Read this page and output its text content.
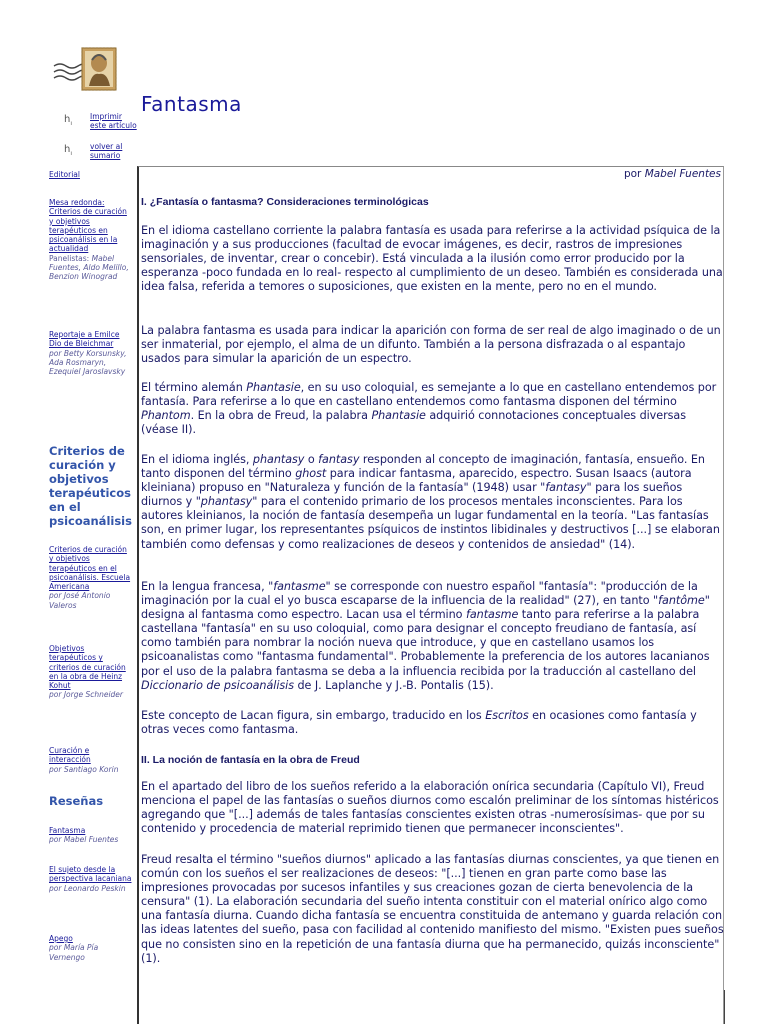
Fantasma
$h_ı$
Imprimir este artículo
$h_ı$
volver al sumario
Editorial
Mesa redonda: Criterios de curación y objetivos terapéuticos en psicoanálisis en la actualidad
Panelistas: Mabel Fuentes, Aldo Melillo, Benzion Winograd
Reportaje a Emilce Dio de Bleichmar
por Betty Korsunsky, Ada Rosmaryn, Ezequiel Jaroslavsky
Criterios de curación y objetivos terapéuticos en el psicoanálisis
Criterios de curación y objetivos terapéuticos en el psicoanálisis. Escuela Americana
por José Antonio Valeros
Objetivos terapéuticos y criterios de curación en la obra de Heinz Kohut
por Jorge Schneider
Curación e interacción
por Santiago Korin
Reseñas
Fantasma
por Mabel Fuentes
El sujeto desde la perspectiva lacaniana
por Leonardo Peskin
Apego
por María Pía Vernengo
por Mabel Fuentes
I. ¿Fantasía o fantasma? Consideraciones terminológicas

En el idioma castellano corriente la palabra fantasía es usada para referirse a la actividad psíquica de la imaginación y a sus producciones (facultad de evocar imágenes, es decir, rastros de impresiones sensoriales, de inventar, crear o concebir). Está vinculada a la ilusión como error producido por la esperanza -poco fundada en lo real- respecto al cumplimiento de un deseo. También es considerada una idea falsa, referida a temores o suposiciones, que existen en la mente, pero no en el mundo.

La palabra fantasma es usada para indicar la aparición con forma de ser real de algo imaginado o de un ser inmaterial, por ejemplo, el alma de un difunto. También a la persona disfrazada o al espantajo usados para simular la aparición de un espectro.

El término alemán Phantasie, en su uso coloquial, es semejante a lo que en castellano entendemos por fantasía. Para referirse a lo que en castellano entendemos como fantasma disponen del término Phantom. En la obra de Freud, la palabra Phantasie adquirió connotaciones conceptuales diversas (véase II).

En el idioma inglés, phantasy o fantasy responden al concepto de imaginación, fantasía, ensueño. En tanto disponen del término ghost para indicar fantasma, aparecido, espectro. Susan Isaacs (autora kleiniana) propuso en "Naturaleza y función de la fantasía" (1948) usar "fantasy" para los sueños diurnos y "phantasy" para el contenido primario de los procesos mentales inconscientes. Para los autores kleinianos, la noción de fantasía desempeña un lugar fundamental en la teoría. "Las fantasías son, en primer lugar, los representantes psíquicos de instintos libidinales y destructivos [...] se elaboran también como defensas y como realizaciones de deseos y contenidos de ansiedad" (14).

En la lengua francesa, "fantasme" se corresponde con nuestro español "fantasía": "producción de la imaginación por la cual el yo busca escaparse de la influencia de la realidad" (27), en tanto "fantôme" designa al fantasma como espectro. Lacan usa el término fantasme tanto para referirse a la palabra castellana "fantasía" en su uso coloquial, como para designar el concepto freudiano de fantasía, así como también para nombrar la noción nueva que introduce, y que en castellano usamos los psicoanalistas como "fantasma fundamental". Probablemente la preferencia de los autores lacanianos por el uso de la palabra fantasma se deba a la influencia recibida por la traducción al castellano del Diccionario de psicoanálisis de J. Laplanche y J.-B. Pontalis (15).

Este concepto de Lacan figura, sin embargo, traducido en los Escritos en ocasiones como fantasía y otras veces como fantasma.

II. La noción de fantasía en la obra de Freud

En el apartado del libro de los sueños referido a la elaboración onírica secundaria (Capítulo VI), Freud menciona el papel de las fantasías o sueños diurnos como escalón preliminar de los síntomas histéricos agregando que "[...] además de tales fantasías conscientes existen otras -numerosísimas- que por su contenido y procedencia de material reprimido tienen que permanecer inconscientes".

Freud resalta el término "sueños diurnos" aplicado a las fantasías diurnas conscientes, ya que tienen en común con los sueños el ser realizaciones de deseos: "[...] tienen en gran parte como base las impresiones provocadas por sucesos infantiles y sus creaciones gozan de cierta benevolencia de la censura" (1). La elaboración secundaria del sueño intenta constituir con el material onírico algo como una fantasía diurna. Cuando dicha fantasía se encuentra constituida de antemano y guarda relación con las ideas latentes del sueño, pasa con facilidad al contenido manifiesto del mismo. "Existen pues sueños que no consisten sino en la repetición de una fantasía diurna que ha permanecido, quizás inconsciente" (1).
